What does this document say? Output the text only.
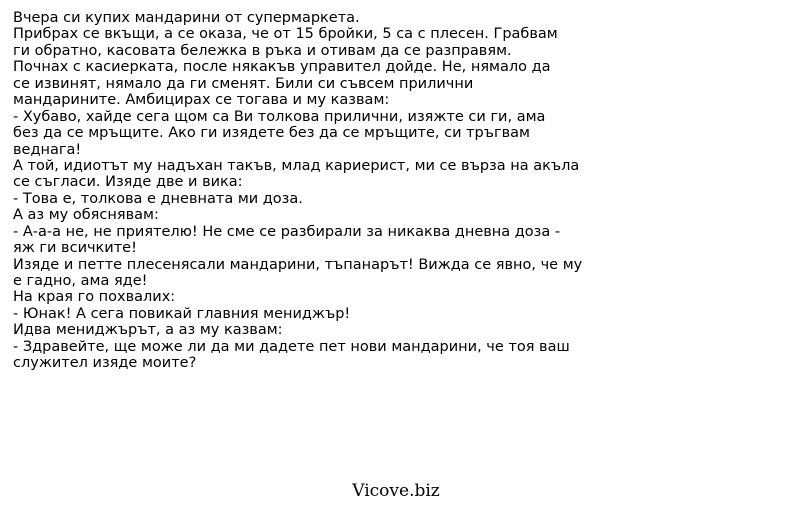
Вчера си купих мандарини от супермаркета.
Прибрах се вкъщи, а се оказа, че от 15 бройки, 5 са с плесен. Грабвам
ги обратно, касовата бележка в ръка и отивам да се разправям.
Почнах с касиерката, после някакъв управител дойде. Не, нямало да
се извинят, нямало да ги сменят. Били си съвсем прилични
мандарините. Амбицирах се тогава и му казвам:
- Хубаво, хайде сега щом са Ви толкова прилични, изяжте си ги, ама
без да се мръщите. Ако ги изядете без да се мръщите, си тръгвам
веднага!
А той, идиотът му надъхан такъв, млад кариерист, ми се върза на акъла
се съгласи. Изяде две и вика:
- Това е, толкова е дневната ми доза.
А аз му обяснявам:
- А-а-а не, не приятелю! Не сме се разбирали за никаква дневна доза -
яж ги всичките!
Изяде и петте плесенясали мандарини, тъпанарът! Вижда се явно, че му
е гадно, ама яде!
На края го похвалих:
- Юнак! А сега повикай главния мениджър!
Идва мениджърът, а аз му казвам:
- Здравейте, ще може ли да ми дадете пет нови мандарини, че тоя ваш
служител изяде моите?
Vicove.biz
